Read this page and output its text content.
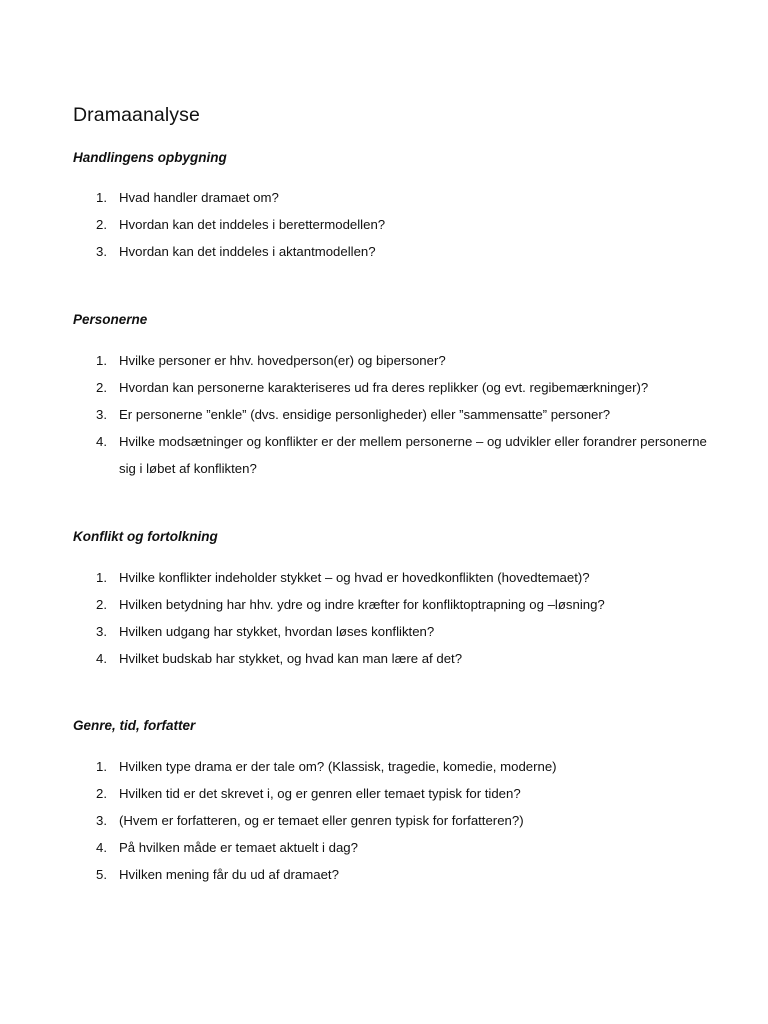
Dramaanalyse
Handlingens opbygning
1. Hvad handler dramaet om?
2. Hvordan kan det inddeles i berettermodellen?
3. Hvordan kan det inddeles i aktantmodellen?
Personerne
1. Hvilke personer er hhv. hovedperson(er) og bipersoner?
2. Hvordan kan personerne karakteriseres ud fra deres replikker (og evt. regibemærkninger)?
3. Er personerne ”enkle” (dvs. ensidige personligheder) eller ”sammensatte” personer?
4. Hvilke modsætninger og konflikter er der mellem personerne – og udvikler eller forandrer personerne sig i løbet af konflikten?
Konflikt og fortolkning
1. Hvilke konflikter indeholder stykket – og hvad er hovedkonflikten (hovedtemaet)?
2. Hvilken betydning har hhv. ydre og indre kræfter for konfliktoptrapning og –løsning?
3. Hvilken udgang har stykket, hvordan løses konflikten?
4. Hvilket budskab har stykket, og hvad kan man lære af det?
Genre, tid, forfatter
1. Hvilken type drama er der tale om? (Klassisk, tragedie, komedie, moderne)
2. Hvilken tid er det skrevet i, og er genren eller temaet typisk for tiden?
3. (Hvem er forfatteren, og er temaet eller genren typisk for forfatteren?)
4. På hvilken måde er temaet aktuelt i dag?
5. Hvilken mening får du ud af dramaet?
